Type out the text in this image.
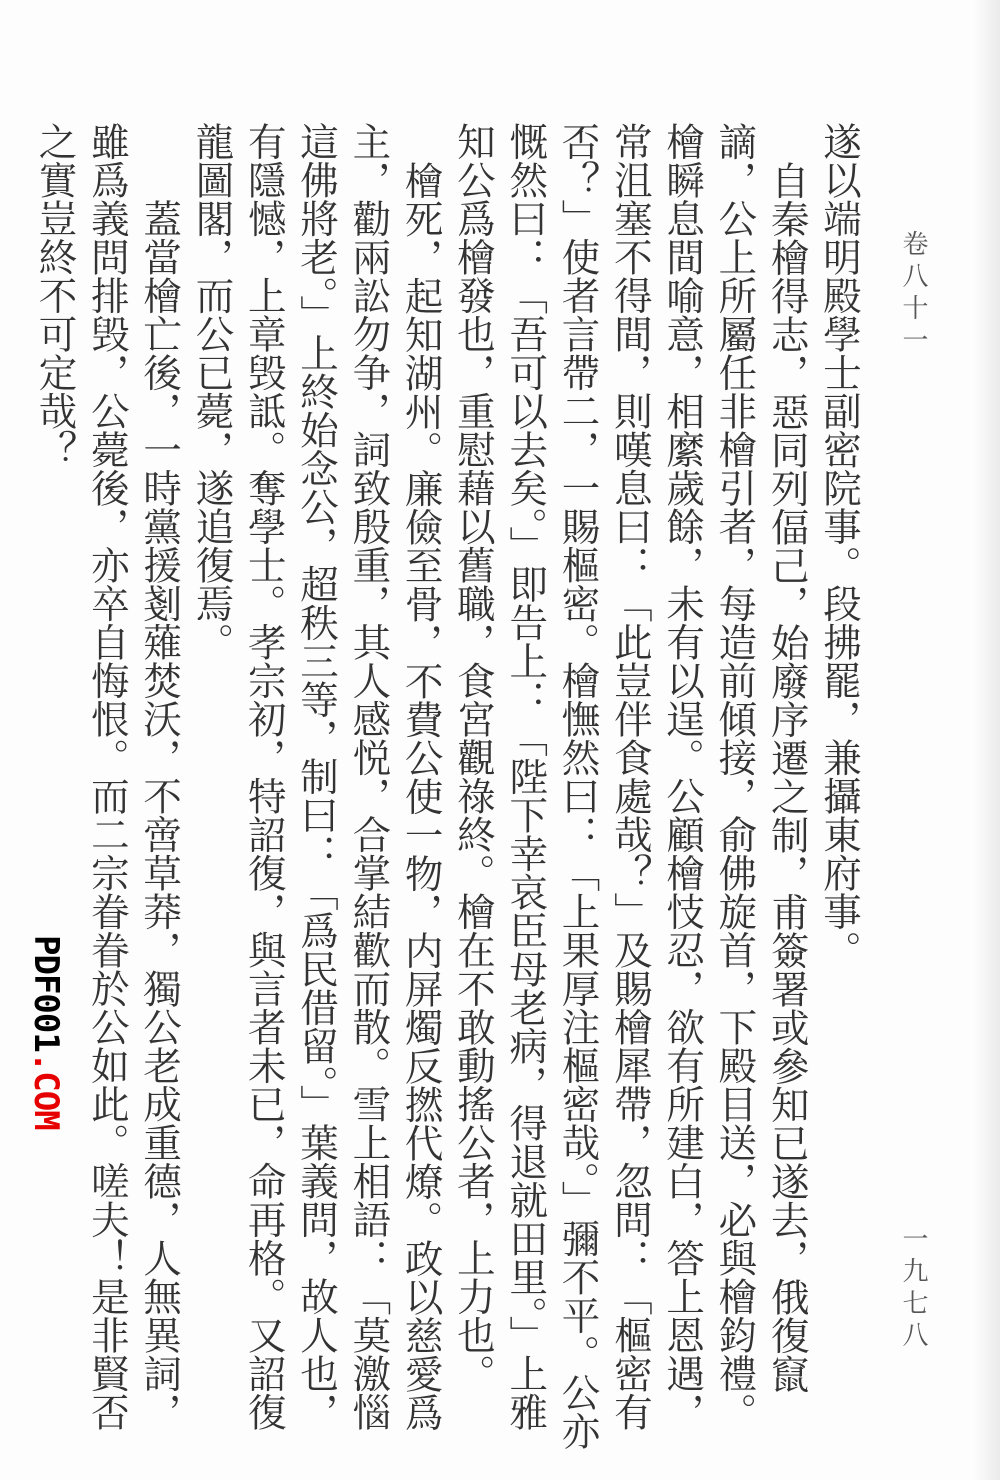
卷八十一
一九七八

遂以端明殿學士副密院事。段拂罷，兼攝東府事。

自秦檜得志，惡同列偪己，始廢序遷之制，甫簽署或參知已遂去，俄復竄謫，公上所屬任非檜引者，每造前傾接，俞佛旋首，下殿目送，必與檜鈞禮。檜瞬息間喻意，相縻歲餘，未有以逞。公顧檜忮忍，欲有所建白，答上恩遇，常沮塞不得間，則嘆息曰：「此豈伴食處哉？」及賜檜犀帶，忽問：「樞密有否？」使者言帶二，一賜樞密。檜憮然曰：「上果厚注樞密哉。」彌不平。公亦慨然曰：「吾可以去矣。」即告上：「陛下幸哀臣母老病，得退就田里。」上雅知公爲檜發也，重慰藉以舊職，食宮觀祿終。檜在不敢動搖公者，上力也。

檜死，起知湖州。廉儉至骨，不費公使一物，内屏燭反撚代燎。政以慈愛爲主，勸兩訟勿争，詞致殷重，其人感悦，合掌結歡而散。雪上相語：「莫激惱這佛將老。」上終始念公，超秩三等，制曰：「爲民借留。」葉義問，故人也，有隱憾，上章毁詆。奪學士。孝宗初，特詔復，與言者未已，命再格。又詔復龍圖閣，而公已薨，遂追復焉。

蓋當檜亡後，一時黨援剗薙焚沃，不啻草莽，獨公老成重德，人無異詞，雖爲義問排毁，公薨後，亦卒自悔恨。而二宗眷眷於公如此。嗟夫！是非賢否之實豈終不可定哉？

PDF001.COM
